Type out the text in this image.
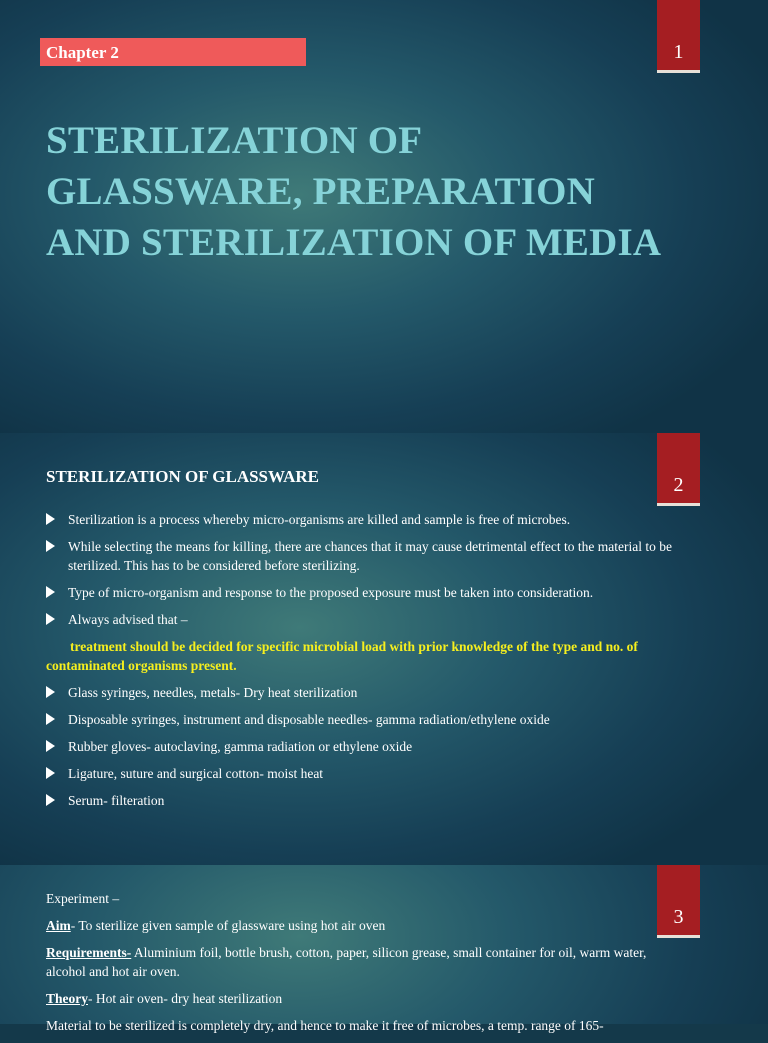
1
Chapter 2
STERILIZATION OF GLASSWARE, PREPARATION AND STERILIZATION OF MEDIA
2
STERILIZATION OF GLASSWARE
Sterilization is a process whereby micro-organisms are killed and sample is free of microbes.
While selecting the means for killing, there are chances that it may cause detrimental effect to the material to be sterilized. This has to be considered before sterilizing.
Type of micro-organism and response to the proposed exposure must be taken into consideration.
Always advised that –

treatment should be decided for specific microbial load with prior knowledge of the type and no. of contaminated organisms present.

Glass syringes, needles, metals- Dry heat sterilization
Disposable syringes, instrument and disposable needles- gamma radiation/ethylene oxide
Rubber gloves- autoclaving, gamma radiation or ethylene oxide
Ligature, suture and surgical cotton- moist heat
Serum- filteration
3

Experiment –

Aim- To sterilize given sample of glassware using hot air oven

Requirements- Aluminium foil, bottle brush, cotton, paper, silicon grease, small container for oil, warm water, alcohol and hot air oven.

Theory- Hot air oven- dry heat sterilization

Material to be sterilized is completely dry, and hence to make it free of microbes, a temp. range of 165-
